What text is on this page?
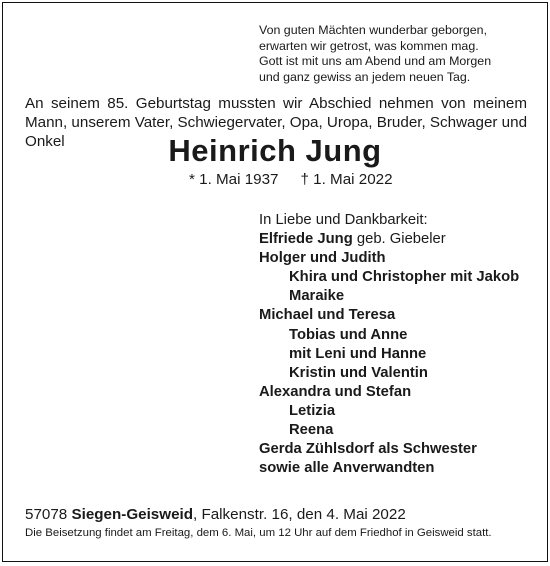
Von guten Mächten wunderbar geborgen,
erwarten wir getrost, was kommen mag.
Gott ist mit uns am Abend und am Morgen
und ganz gewiss an jedem neuen Tag.
An seinem 85. Geburtstag mussten wir Abschied nehmen von meinem Mann, unserem Vater, Schwiegervater, Opa, Uropa, Bruder, Schwager und Onkel	Heinrich Jung
* 1. Mai 1937 † 1. Mai 2022
In Liebe und Dankbarkeit:
Elfriede Jung geb. Giebeler
Holger und Judith
Khira und Christopher mit Jakob
Maraike
Michael und Teresa
Tobias und Anne
mit Leni und Hanne
Kristin und Valentin
Alexandra und Stefan
Letizia
Reena
Gerda Zühlsdorf als Schwester
sowie alle Anverwandten
57078 Siegen-Geisweid, Falkenstr. 16, den 4. Mai 2022
Die Beisetzung findet am Freitag, dem 6. Mai, um 12 Uhr auf dem Friedhof in Geisweid statt.
